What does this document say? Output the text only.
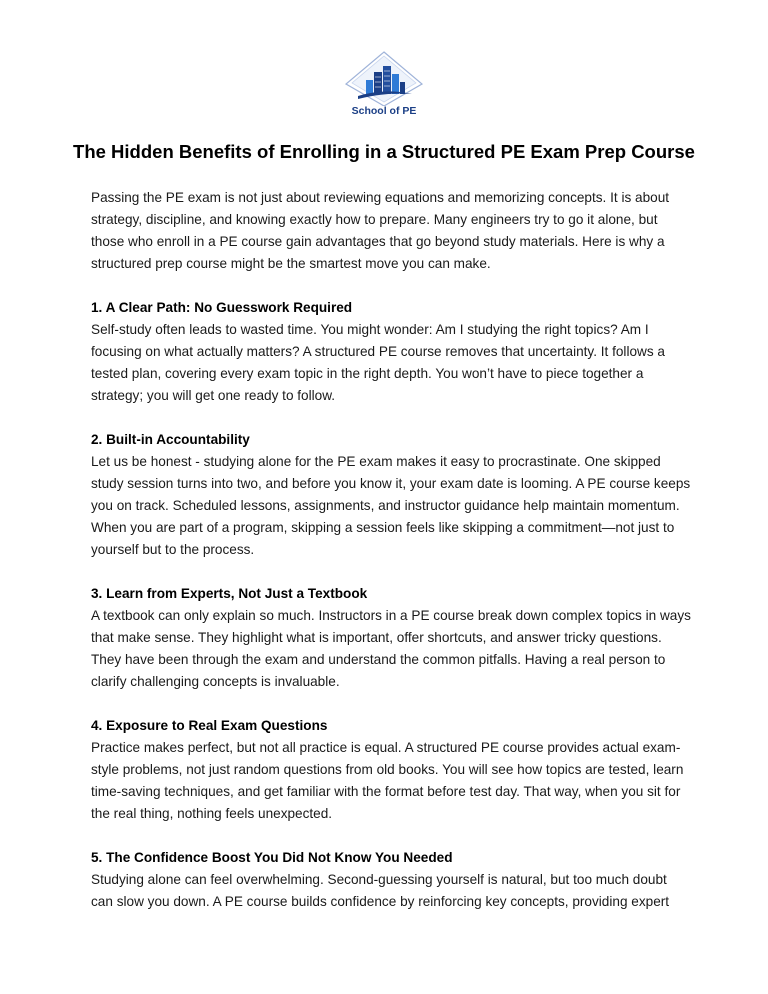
School of PE
The Hidden Benefits of Enrolling in a Structured PE Exam Prep Course

Passing the PE exam is not just about reviewing equations and memorizing concepts. It is about strategy, discipline, and knowing exactly how to prepare. Many engineers try to go it alone, but those who enroll in a PE course gain advantages that go beyond study materials. Here is why a structured prep course might be the smartest move you can make.

1. A Clear Path: No Guesswork Required

Self-study often leads to wasted time. You might wonder: Am I studying the right topics? Am I focusing on what actually matters? A structured PE course removes that uncertainty. It follows a tested plan, covering every exam topic in the right depth. You won’t have to piece together a strategy; you will get one ready to follow.

2. Built-in Accountability

Let us be honest - studying alone for the PE exam makes it easy to procrastinate. One skipped study session turns into two, and before you know it, your exam date is looming. A PE course keeps you on track. Scheduled lessons, assignments, and instructor guidance help maintain momentum. When you are part of a program, skipping a session feels like skipping a commitment—not just to yourself but to the process.

3. Learn from Experts, Not Just a Textbook

A textbook can only explain so much. Instructors in a PE course break down complex topics in ways that make sense. They highlight what is important, offer shortcuts, and answer tricky questions. They have been through the exam and understand the common pitfalls. Having a real person to clarify challenging concepts is invaluable.

4. Exposure to Real Exam Questions

Practice makes perfect, but not all practice is equal. A structured PE course provides actual exam-style problems, not just random questions from old books. You will see how topics are tested, learn time-saving techniques, and get familiar with the format before test day. That way, when you sit for the real thing, nothing feels unexpected.

5. The Confidence Boost You Did Not Know You Needed

Studying alone can feel overwhelming. Second-guessing yourself is natural, but too much doubt can slow you down. A PE course builds confidence by reinforcing key concepts, providing expert
